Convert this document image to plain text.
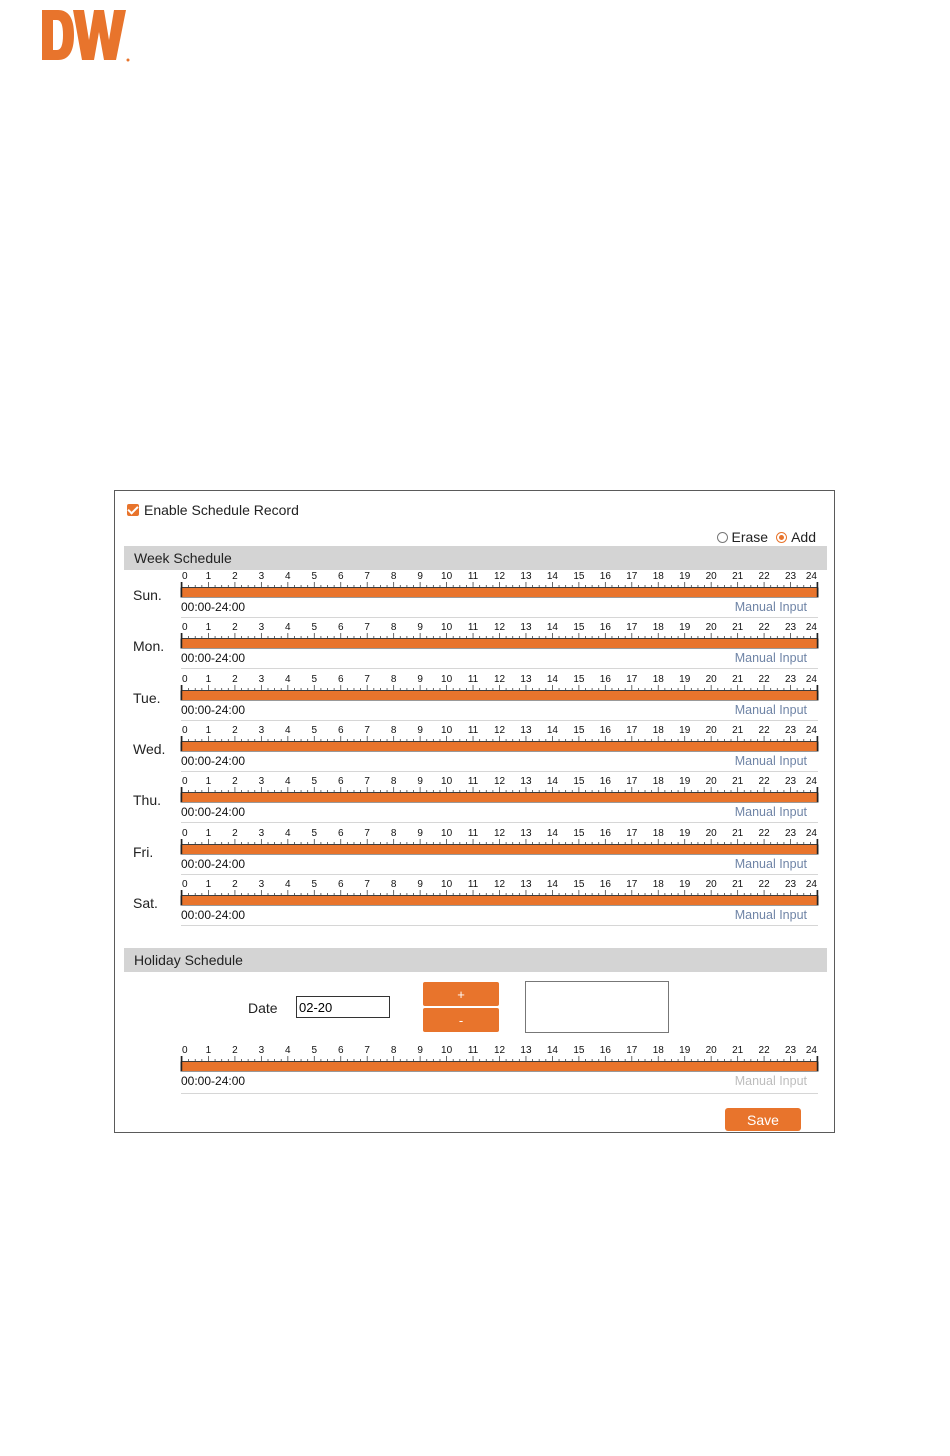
Enable Schedule Record
Erase Add
Week Schedule
Sun.
0 1 2 3 4 5 6 7 8 9 10 11 12 13 14 15 16 17 18 19 20 21 22 23 24
00:00-24:00	Manual Input
Mon.
0 1 2 3 4 5 6 7 8 9 10 11 12 13 14 15 16 17 18 19 20 21 22 23 24
00:00-24:00	Manual Input
Tue.
0 1 2 3 4 5 6 7 8 9 10 11 12 13 14 15 16 17 18 19 20 21 22 23 24
00:00-24:00	Manual Input
Wed.
0 1 2 3 4 5 6 7 8 9 10 11 12 13 14 15 16 17 18 19 20 21 22 23 24
00:00-24:00	Manual Input
Thu.
0 1 2 3 4 5 6 7 8 9 10 11 12 13 14 15 16 17 18 19 20 21 22 23 24
00:00-24:00	Manual Input
Fri.
0 1 2 3 4 5 6 7 8 9 10 11 12 13 14 15 16 17 18 19 20 21 22 23 24
00:00-24:00	Manual Input
Sat.
0 1 2 3 4 5 6 7 8 9 10 11 12 13 14 15 16 17 18 19 20 21 22 23 24
00:00-24:00	Manual Input
Holiday Schedule
Date
02-20
+
-
0 1 2 3 4 5 6 7 8 9 10 11 12 13 14 15 16 17 18 19 20 21 22 23 24
00:00-24:00	Manual Input
Save
